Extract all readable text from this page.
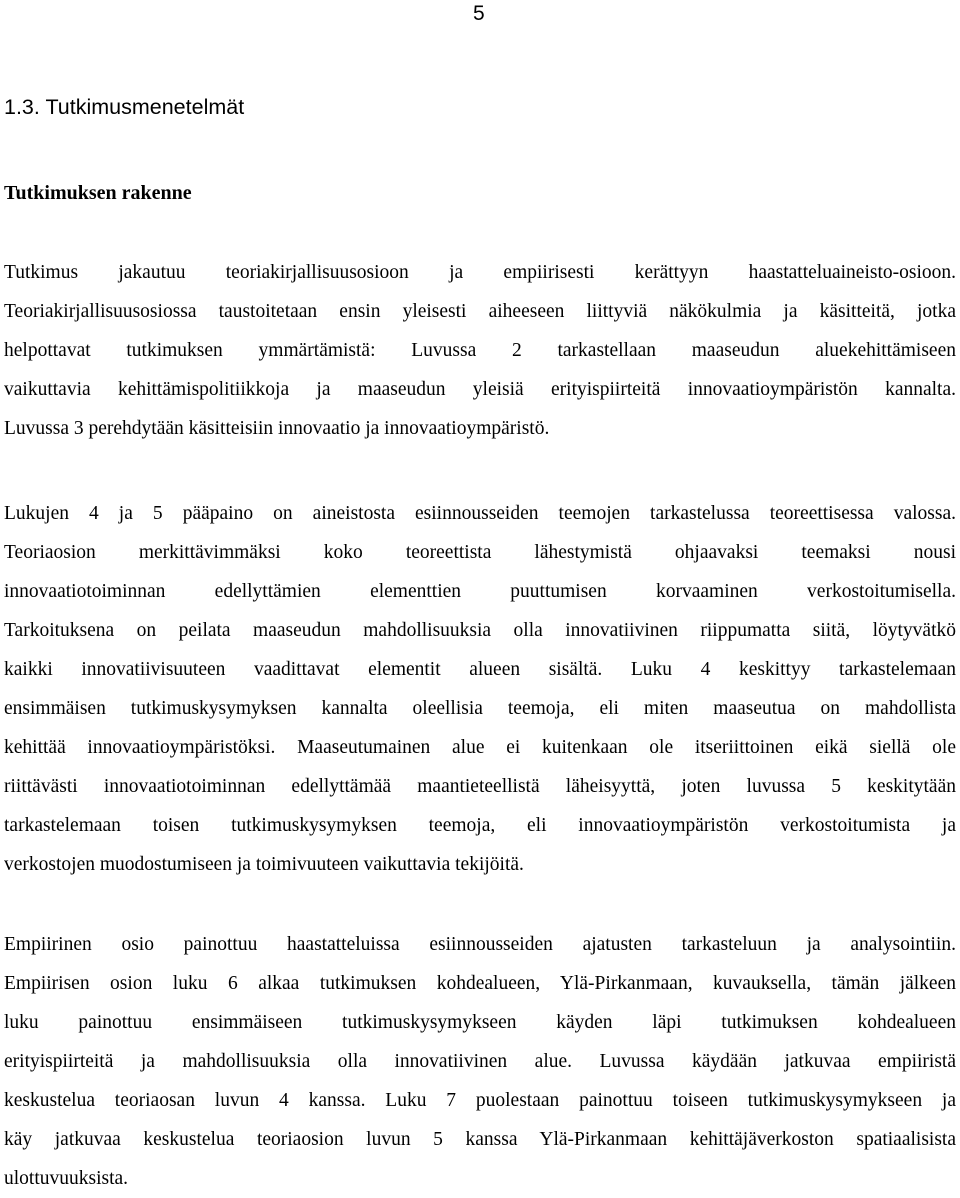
5
1.3. Tutkimusmenetelmät
Tutkimuksen rakenne
Tutkimus jakautuu teoriakirjallisuusosioon ja empiirisesti kerättyyn haastatteluaineisto-osioon.
Teoriakirjallisuusosiossa taustoitetaan ensin yleisesti aiheeseen liittyviä näkökulmia ja käsitteitä, jotka
helpottavat tutkimuksen ymmärtämistä: Luvussa 2 tarkastellaan maaseudun aluekehittämiseen
vaikuttavia kehittämispolitiikkoja ja maaseudun yleisiä erityispiirteitä innovaatioympäristön kannalta.
Luvussa 3 perehdytään käsitteisiin innovaatio ja innovaatioympäristö.
Lukujen 4 ja 5 pääpaino on aineistosta esiinnousseiden teemojen tarkastelussa teoreettisessa valossa.
Teoriaosion merkittävimmäksi koko teoreettista lähestymistä ohjaavaksi teemaksi nousi
innovaatiotoiminnan edellyttämien elementtien puuttumisen korvaaminen verkostoitumisella.
Tarkoituksena on peilata maaseudun mahdollisuuksia olla innovatiivinen riippumatta siitä, löytyvätkö
kaikki innovatiivisuuteen vaadittavat elementit alueen sisältä. Luku 4 keskittyy tarkastelemaan
ensimmäisen tutkimuskysymyksen kannalta oleellisia teemoja, eli miten maaseutua on mahdollista
kehittää innovaatioympäristöksi. Maaseutumainen alue ei kuitenkaan ole itseriittoinen eikä siellä ole
riittävästi innovaatiotoiminnan edellyttämää maantieteellistä läheisyyttä, joten luvussa 5 keskitytään
tarkastelemaan toisen tutkimuskysymyksen teemoja, eli innovaatioympäristön verkostoitumista ja
verkostojen muodostumiseen ja toimivuuteen vaikuttavia tekijöitä.
Empiirinen osio painottuu haastatteluissa esiinnousseiden ajatusten tarkasteluun ja analysointiin.
Empiirisen osion luku 6 alkaa tutkimuksen kohdealueen, Ylä-Pirkanmaan, kuvauksella, tämän jälkeen
luku painottuu ensimmäiseen tutkimuskysymykseen käyden läpi tutkimuksen kohdealueen
erityispiirteitä ja mahdollisuuksia olla innovatiivinen alue. Luvussa käydään jatkuvaa empiiristä
keskustelua teoriaosan luvun 4 kanssa. Luku 7 puolestaan painottuu toiseen tutkimuskysymykseen ja
käy jatkuvaa keskustelua teoriaosion luvun 5 kanssa Ylä-Pirkanmaan kehittäjäverkoston spatiaalisista
ulottuvuuksista.
